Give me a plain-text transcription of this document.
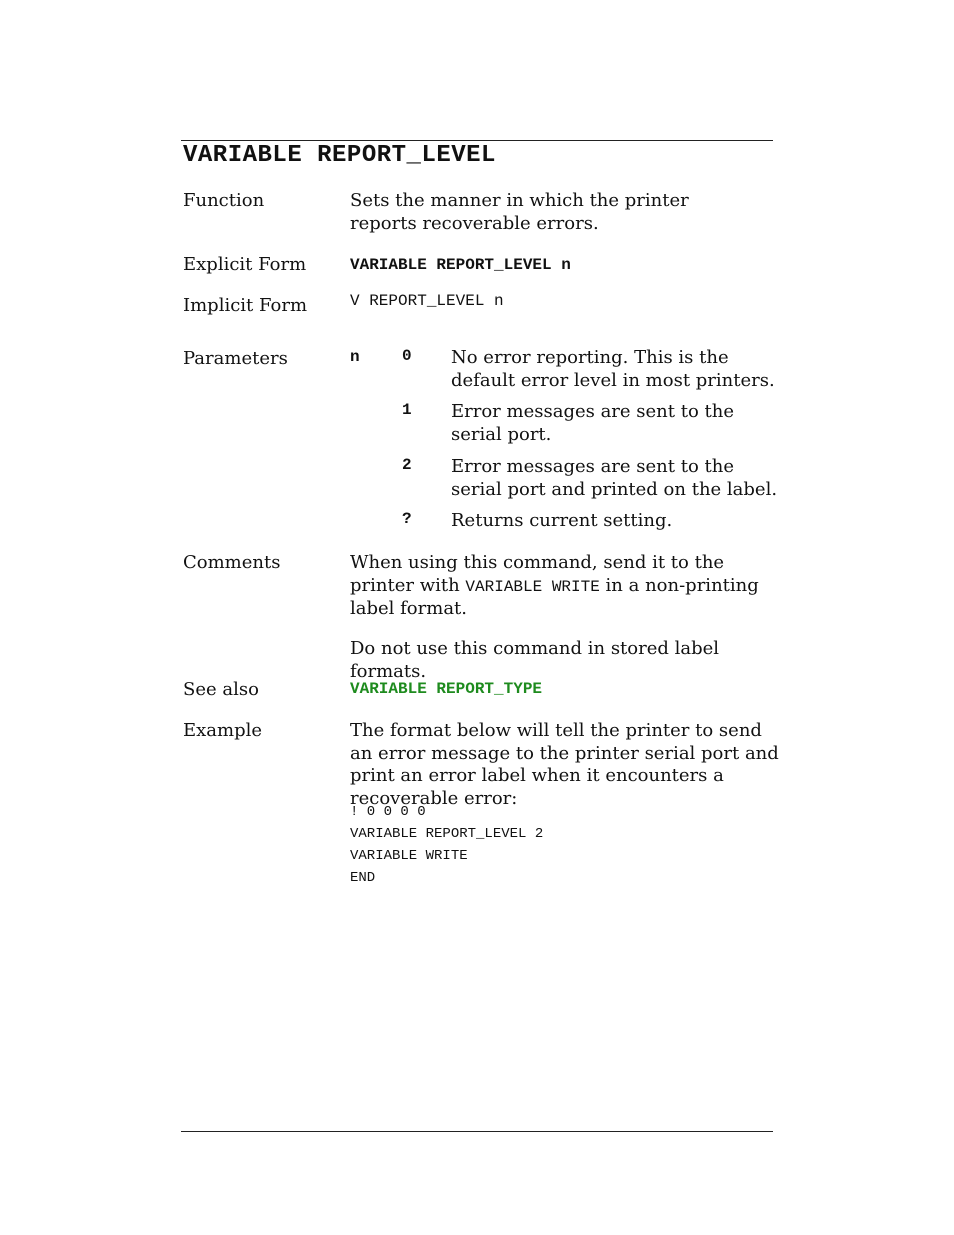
VARIABLE REPORT_LEVEL
Function	Sets the manner in which the printer reports recoverable errors.
Explicit Form	VARIABLE REPORT_LEVEL n
Implicit Form	V REPORT_LEVEL n
Parameters	n	0 No error reporting. This is the default error level in most printers.
1 Error messages are sent to the serial port.
2 Error messages are sent to the serial port and printed on the label.
? Returns current setting.
Comments	When using this command, send it to the printer with VARIABLE WRITE in a non-printing label format.
Do not use this command in stored label formats.
See also	VARIABLE REPORT_TYPE
Example	The format below will tell the printer to send an error message to the printer serial port and print an error label when it encounters a recoverable error:
! 0 0 0 0
VARIABLE REPORT_LEVEL 2
VARIABLE WRITE
END
